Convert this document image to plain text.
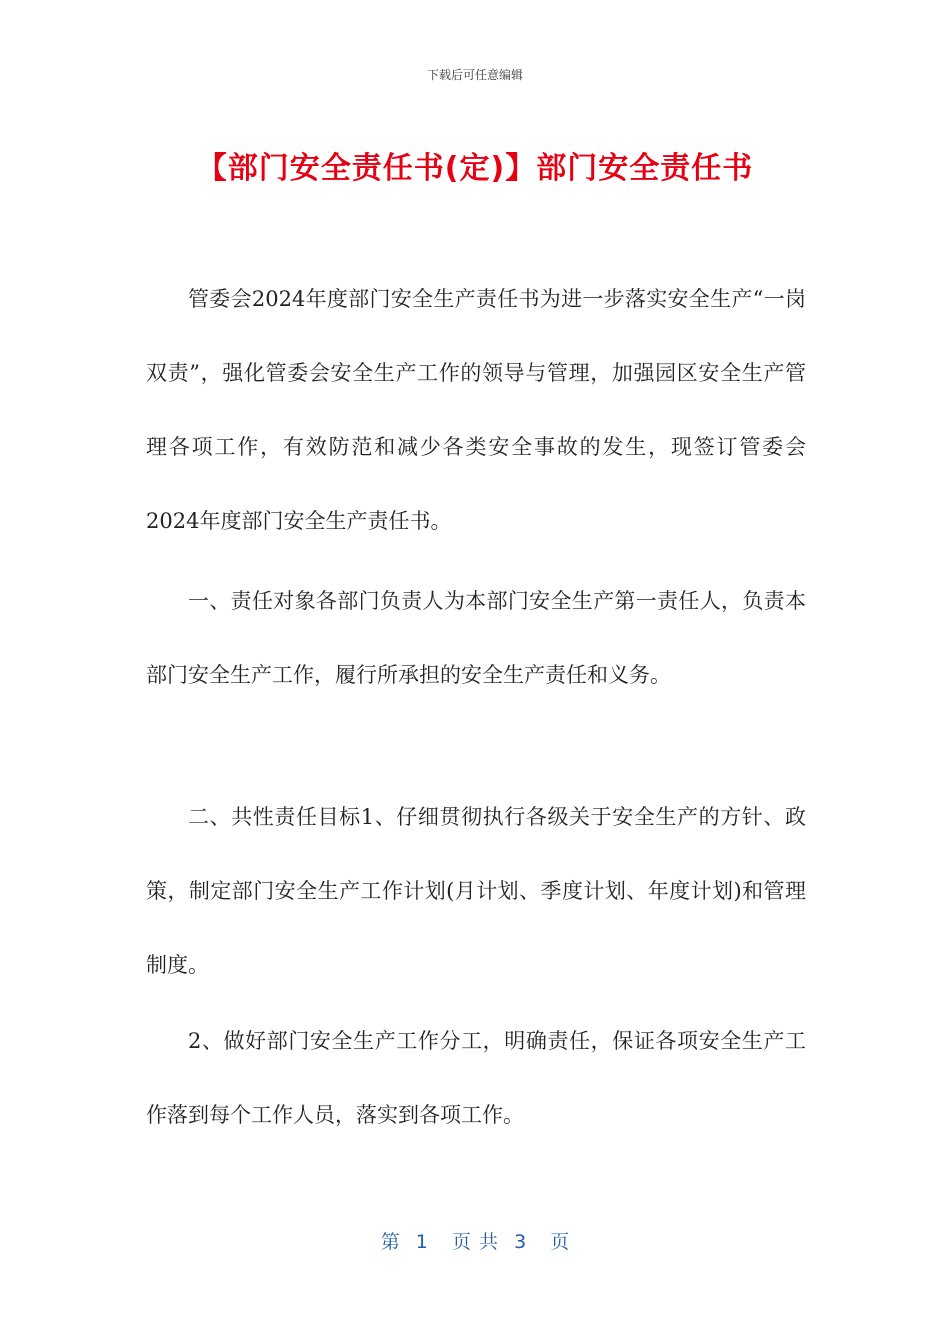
下载后可任意编辑
【部门安全责任书(定)】部门安全责任书

管委会2024年度部门安全生产责任书为进一步落实安全生产“一岗双责”，强化管委会安全生产工作的领导与管理，加强园区安全生产管理各项工作，有效防范和减少各类安全事故的发生，现签订管委会2024年度部门安全生产责任书。

一、责任对象各部门负责人为本部门安全生产第一责任人，负责本部门安全生产工作，履行所承担的安全生产责任和义务。

二、共性责任目标1、仔细贯彻执行各级关于安全生产的方针、政策，制定部门安全生产工作计划(月计划、季度计划、年度计划)和管理制度。

2、做好部门安全生产工作分工，明确责任，保证各项安全生产工作落到每个工作人员，落实到各项工作。

第  1   页 共  3   页
